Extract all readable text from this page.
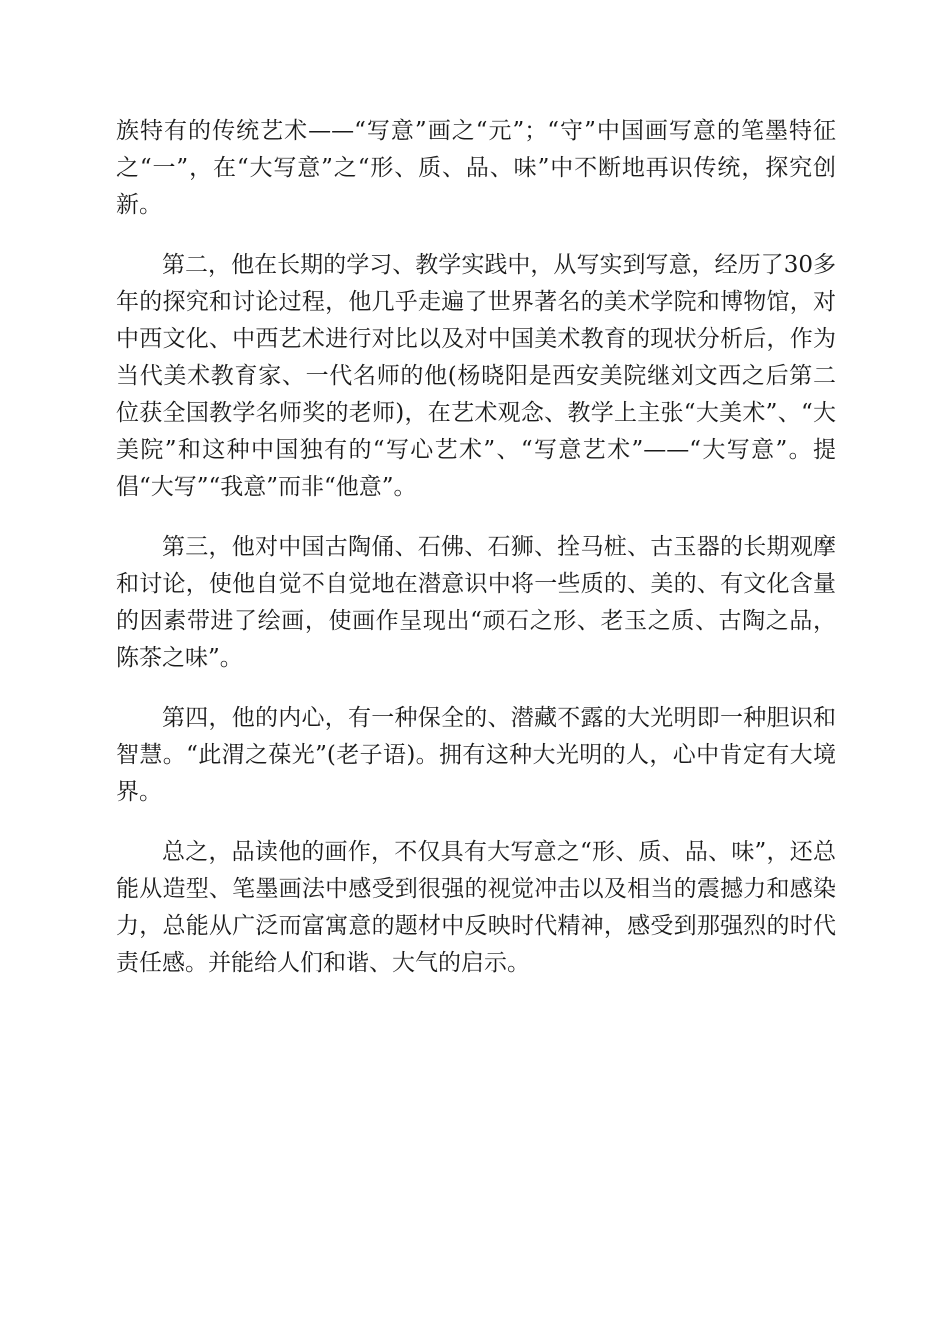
族特有的传统艺术——“写意”画之“元”；“守”中国画写意的笔墨特征之“一”，在“大写意”之“形、质、品、味”中不断地再识传统，探究创新。

第二，他在长期的学习、教学实践中，从写实到写意，经历了30多年的探究和讨论过程，他几乎走遍了世界著名的美术学院和博物馆，对中西文化、中西艺术进行对比以及对中国美术教育的现状分析后，作为当代美术教育家、一代名师的他(杨晓阳是西安美院继刘文西之后第二位获全国教学名师奖的老师)，在艺术观念、教学上主张“大美术”、“大美院”和这种中国独有的“写心艺术”、“写意艺术”——“大写意”。提倡“大写”“我意”而非“他意”。

第三，他对中国古陶俑、石佛、石狮、拴马桩、古玉器的长期观摩和讨论，使他自觉不自觉地在潜意识中将一些质的、美的、有文化含量的因素带进了绘画，使画作呈现出“顽石之形、老玉之质、古陶之品，陈茶之味”。

第四，他的内心，有一种保全的、潜藏不露的大光明即一种胆识和智慧。“此渭之葆光”(老子语)。拥有这种大光明的人，心中肯定有大境界。

总之，品读他的画作，不仅具有大写意之“形、质、品、味”，还总能从造型、笔墨画法中感受到很强的视觉冲击以及相当的震撼力和感染力，总能从广泛而富寓意的题材中反映时代精神，感受到那强烈的时代责任感。并能给人们和谐、大气的启示。
